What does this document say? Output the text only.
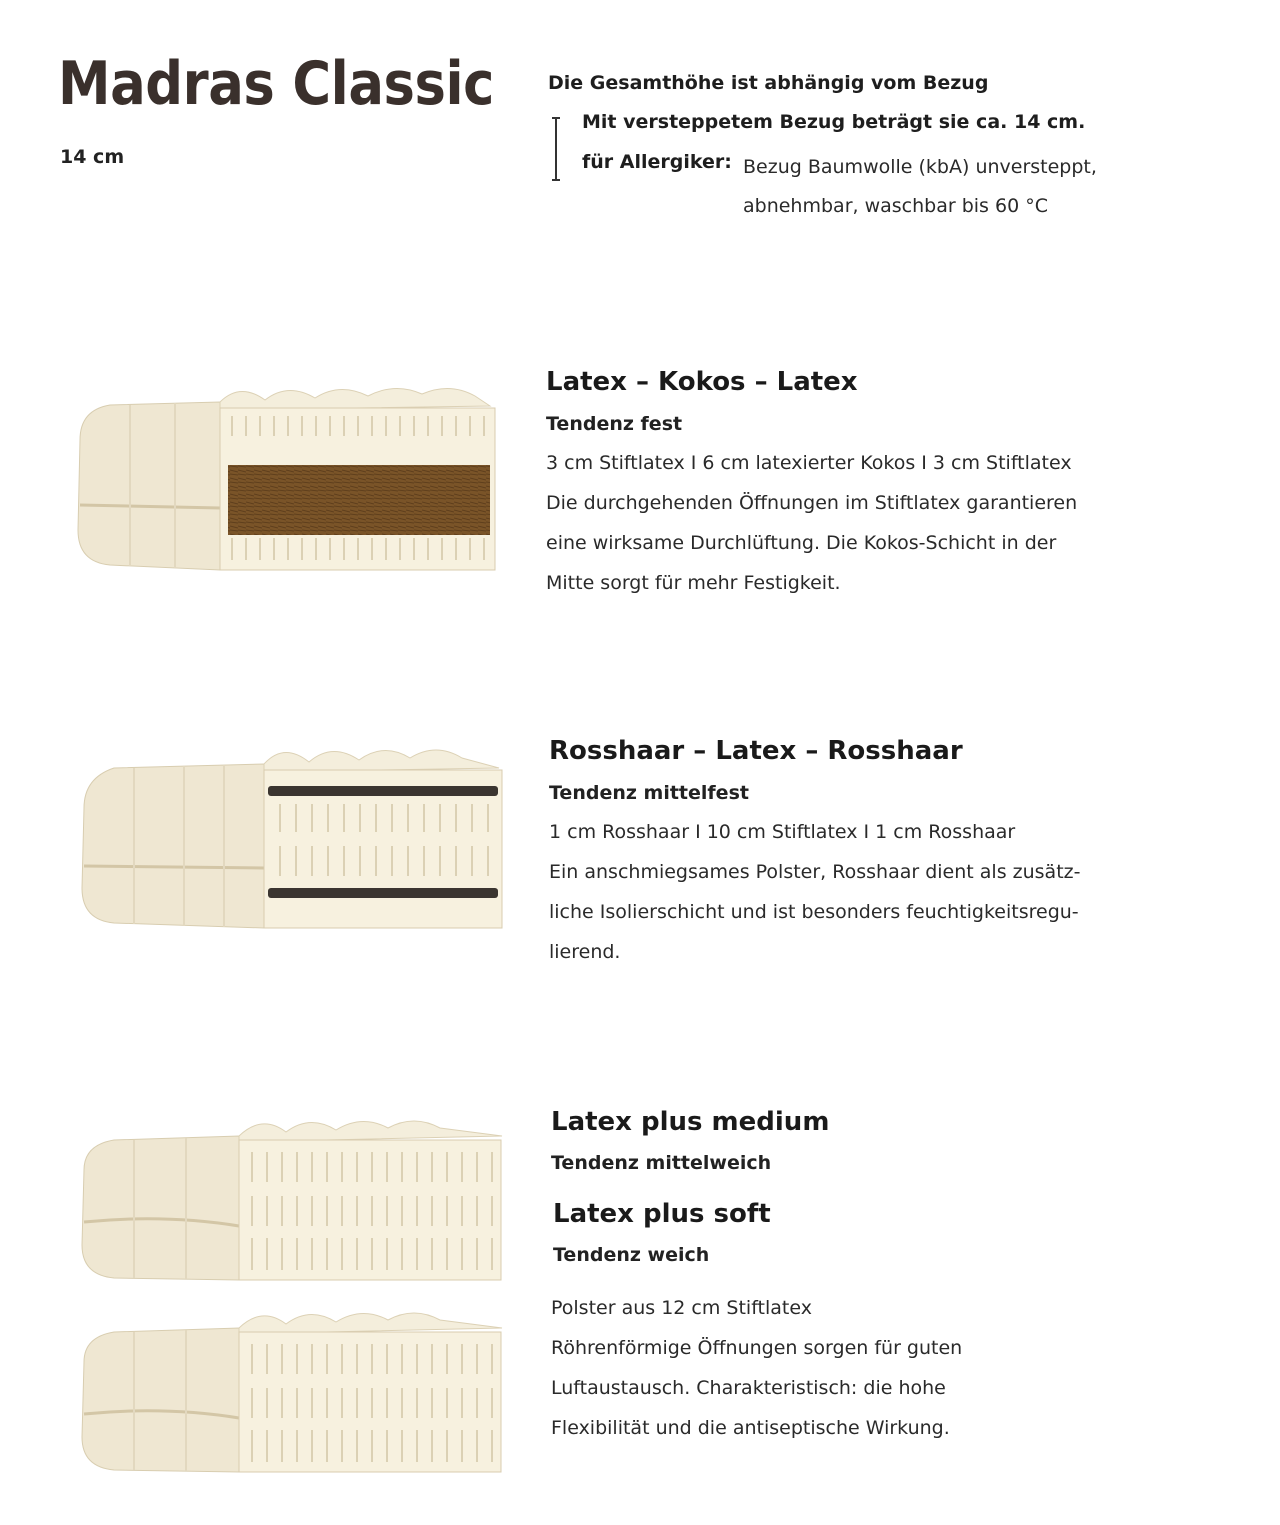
Madras Classic
14 cm
Die Gesamthöhe ist abhängig vom Bezug
Mit versteppetem Bezug beträgt sie ca. 14 cm.
für Allergiker: Bezug Baumwolle (kbA) unversteppt,
abnehmbar, waschbar bis 60 °C
Latex – Kokos – Latex
Tendenz fest
3 cm Stiftlatex I 6 cm latexierter Kokos I 3 cm Stiftlatex
Die durchgehenden Öffnungen im Stiftlatex garantieren
eine wirksame Durchlüftung. Die Kokos-Schicht in der
Mitte sorgt für mehr Festigkeit.
Rosshaar – Latex – Rosshaar
Tendenz mittelfest
1 cm Rosshaar I 10 cm Stiftlatex I 1 cm Rosshaar
Ein anschmiegsames Polster, Rosshaar dient als zusätz-
liche Isolierschicht und ist besonders feuchtigkeitsregu-
lierend.
Latex plus medium
Tendenz mittelweich
Latex plus soft
Tendenz weich
Polster aus 12 cm Stiftlatex
Röhrenförmige Öffnungen sorgen für guten
Luftaustausch. Charakteristisch: die hohe
Flexibilität und die antiseptische Wirkung.
